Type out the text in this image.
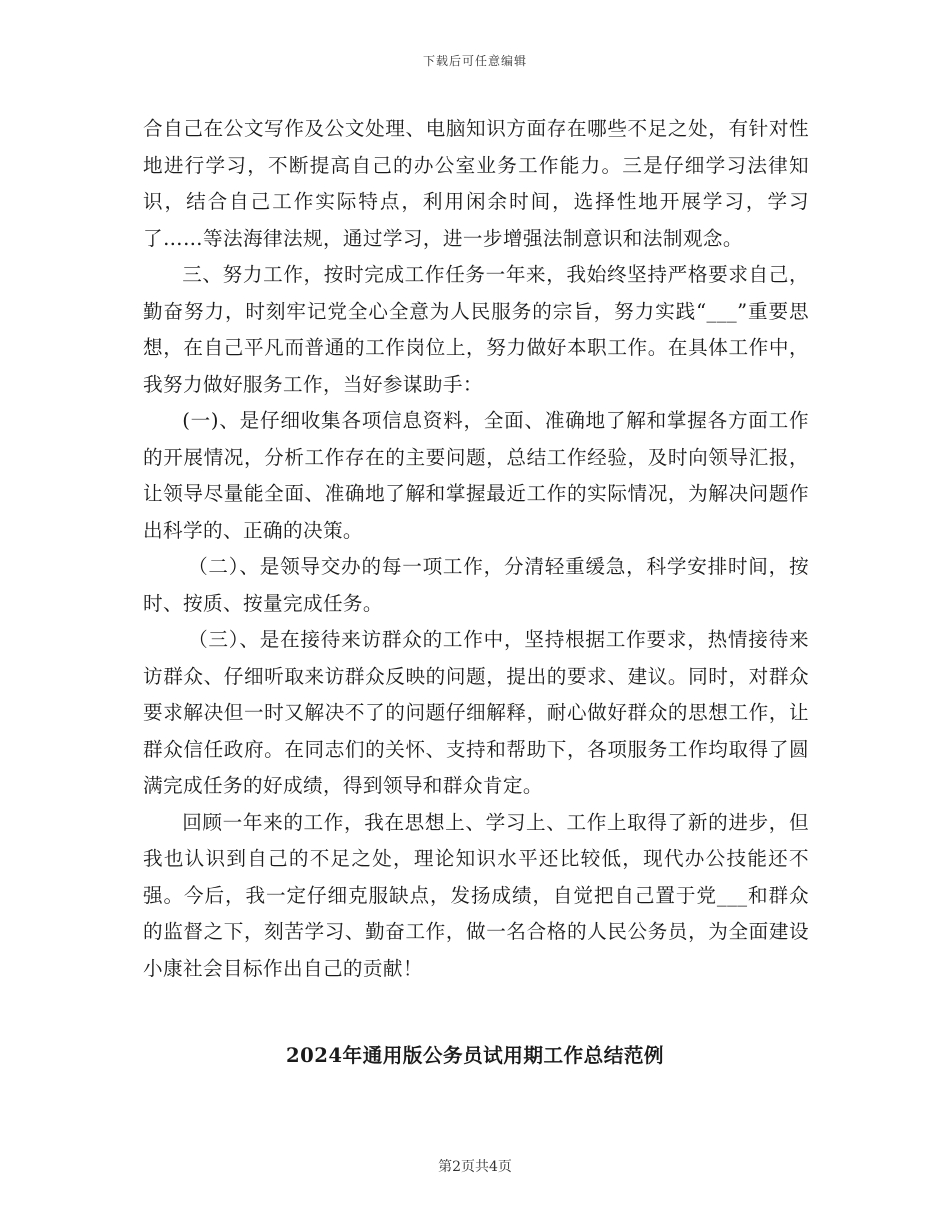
下载后可任意编辑

合自己在公文写作及公文处理、电脑知识方面存在哪些不足之处，有针对性地进行学习，不断提高自己的办公室业务工作能力。三是仔细学习法律知识，结合自己工作实际特点，利用闲余时间，选择性地开展学习，学习了……等法海律法规，通过学习，进一步增强法制意识和法制观念。

三、努力工作，按时完成工作任务一年来，我始终坚持严格要求自己，勤奋努力，时刻牢记党全心全意为人民服务的宗旨，努力实践“___”重要思想，在自己平凡而普通的工作岗位上，努力做好本职工作。在具体工作中，我努力做好服务工作，当好参谋助手：

(一)、是仔细收集各项信息资料，全面、准确地了解和掌握各方面工作的开展情况，分析工作存在的主要问题，总结工作经验，及时向领导汇报，让领导尽量能全面、准确地了解和掌握最近工作的实际情况，为解决问题作出科学的、正确的决策。

（二）、是领导交办的每一项工作，分清轻重缓急，科学安排时间，按时、按质、按量完成任务。

（三）、是在接待来访群众的工作中，坚持根据工作要求，热情接待来访群众、仔细听取来访群众反映的问题，提出的要求、建议。同时，对群众要求解决但一时又解决不了的问题仔细解释，耐心做好群众的思想工作，让群众信任政府。在同志们的关怀、支持和帮助下，各项服务工作均取得了圆满完成任务的好成绩，得到领导和群众肯定。

回顾一年来的工作，我在思想上、学习上、工作上取得了新的进步，但我也认识到自己的不足之处，理论知识水平还比较低，现代办公技能还不强。今后，我一定仔细克服缺点，发扬成绩，自觉把自己置于党___和群众的监督之下，刻苦学习、勤奋工作，做一名合格的人民公务员，为全面建设小康社会目标作出自己的贡献！

2024年通用版公务员试用期工作总结范例
第2页共4页
